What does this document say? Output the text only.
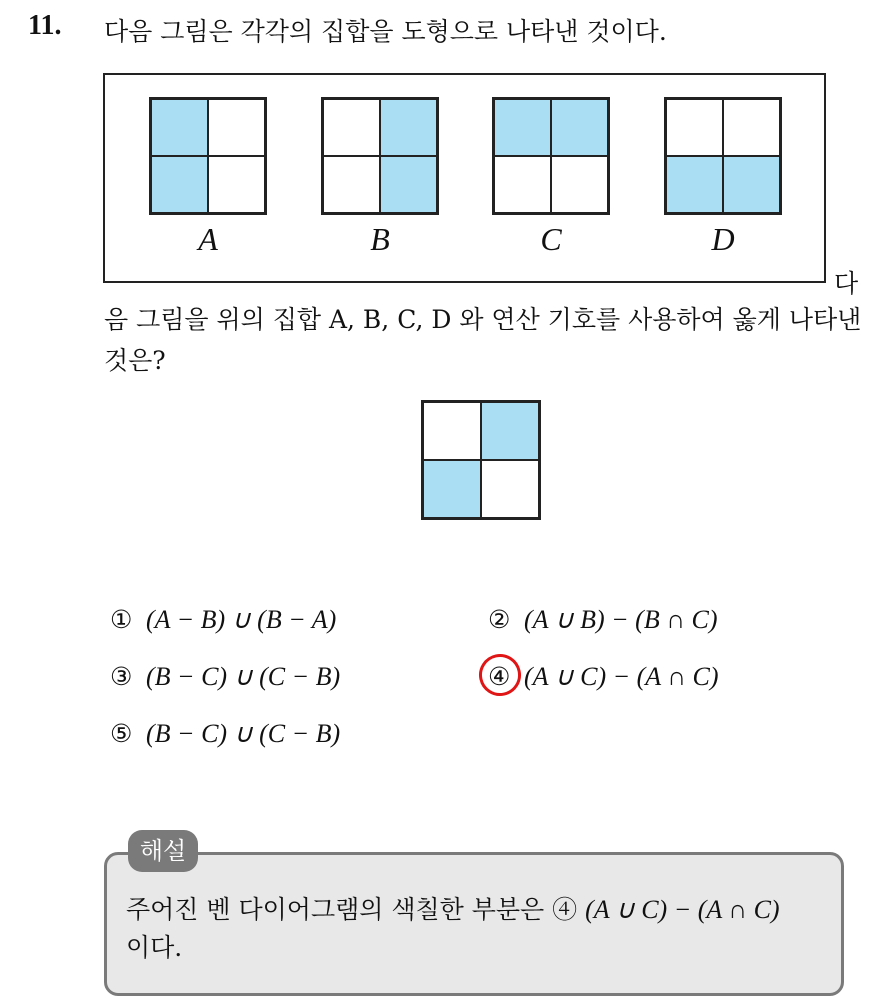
11. 다음 그림은 각각의 집합을 도형으로 나타낸 것이다.
A	B	C	D
다
음 그림을 위의 집합 A, B, C, D 와 연산 기호를 사용하여 옳게 나타낸
것은?
① (A − B) ∪ (B − A)	② (A ∪ B) − (B ∩ C)
③ (B − C) ∪ (C − B)	④ (A ∪ C) − (A ∩ C)
⑤ (B − C) ∪ (C − B)
해설
주어진 벤 다이어그램의 색칠한 부분은 ④ (A ∪ C) − (A ∩ C)
이다.
